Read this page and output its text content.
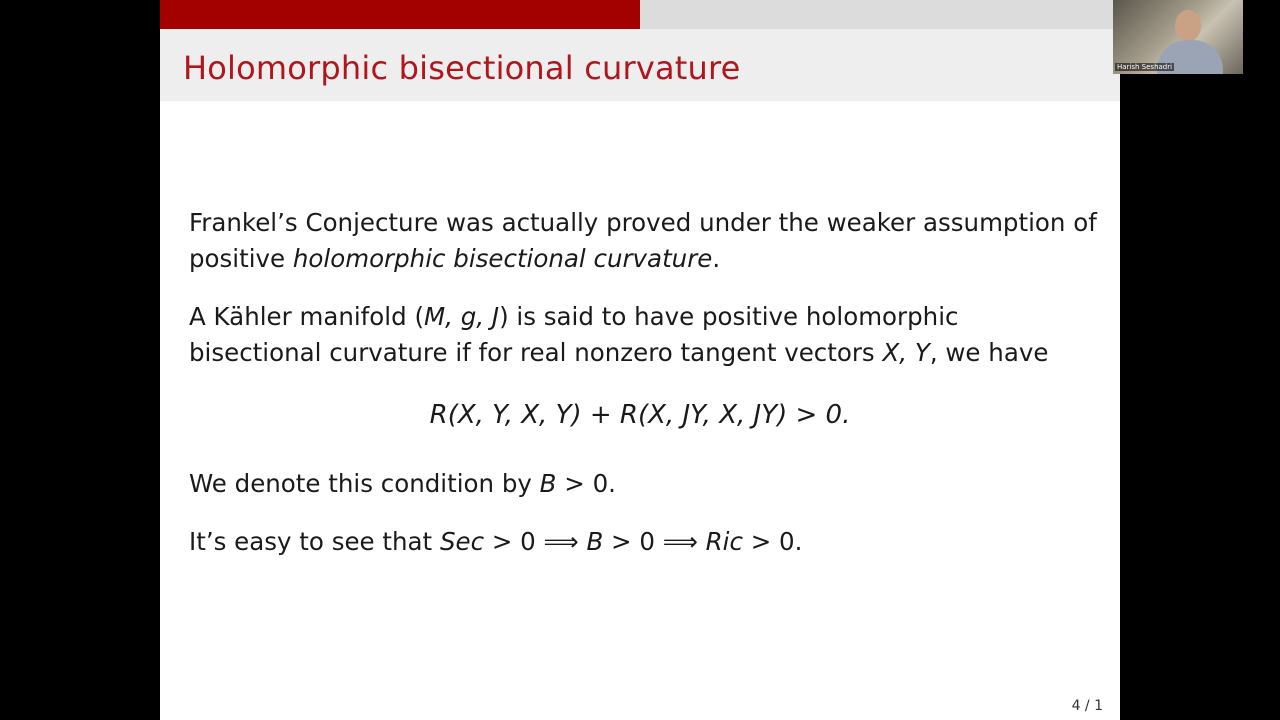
Holomorphic bisectional curvature
Frankel’s Conjecture was actually proved under the weaker assumption of
positive holomorphic bisectional curvature.
A Kähler manifold (M, g, J) is said to have positive holomorphic
bisectional curvature if for real nonzero tangent vectors X, Y, we have
R(X, Y, X, Y) + R(X, JY, X, JY) > 0.
We denote this condition by B > 0.
It’s easy to see that Sec > 0 ⟹ B > 0 ⟹ Ric > 0.
4 / 1
Harish Seshadri
